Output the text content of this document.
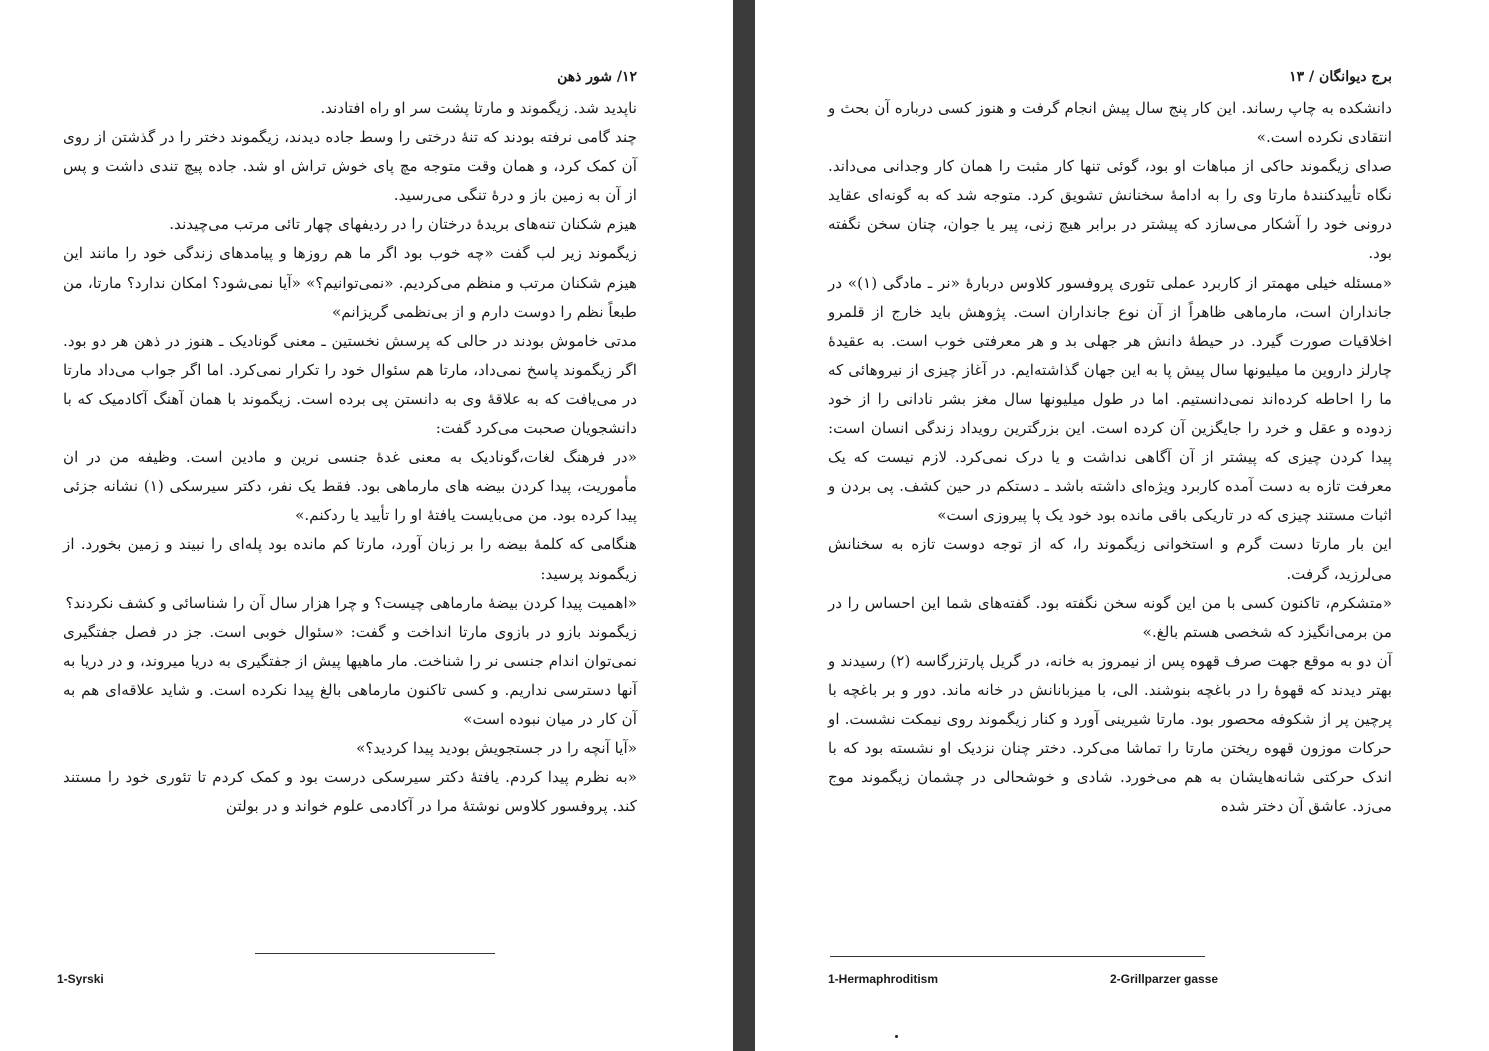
۱۲/ شور ذهن

ناپدید شد. زیگموند و مارتا پشت سر او راه افتادند.

چند گامی نرفته بودند که تنهٔ درختی را وسط جاده دیدند، زیگموند دختر را در گذشتن از روی آن کمک کرد، و همان وقت متوجه مچ پای خوش تراش او شد. جاده پیچ تندی داشت و پس از آن به زمین باز و درهٔ تنگی می‌رسید.

هیزم شکنان تنه‌های بریدهٔ درختان را در ردیفهای چهار تائی مرتب می‌چیدند.

زیگموند زیر لب گفت «چه خوب بود اگر ما هم روزها و پیامدهای زندگی خود را مانند این هیزم شکنان مرتب و منظم می‌کردیم. «نمی‌توانیم؟» «آیا نمی‌شود؟ امکان ندارد؟ مارتا، من طبعاً نظم را دوست دارم و از بی‌نظمی گریزانم»

مدتی خاموش بودند در حالی که پرسش نخستین ـ معنی گونادیک ـ هنوز در ذهن هر دو بود. اگر زیگموند پاسخ نمی‌داد، مارتا هم سئوال خود را تکرار نمی‌کرد. اما اگر جواب می‌داد مارتا در می‌یافت که به علاقهٔ وی به دانستن پی برده است. زیگموند با همان آهنگ آکادمیک که با دانشجویان صحبت می‌کرد گفت:

«در فرهنگ لغات،گونادیک به معنی غدهٔ جنسی نرین و مادین است. وظیفه من در ان مأموریت، پیدا کردن بیضه های مارماهی بود. فقط یک نفر، دکتر سیرسکی (۱) نشانه جزئی پیدا کرده بود. من می‌بایست یافتهٔ او را تأیید یا ردکنم.»

هنگامی که کلمهٔ بیضه را بر زبان آورد، مارتا کم مانده بود پله‌ای را نبیند و زمین بخورد. از زیگموند پرسید:

«اهمیت پیدا کردن بیضهٔ مارماهی چیست؟ و چرا هزار سال آن را شناسائی و کشف نکردند؟

زیگموند بازو در بازوی مارتا انداخت و گفت: «سئوال خوبی است. جز در فصل جفتگیری نمی‌توان اندام جنسی نر را شناخت. مار ماهیها پیش از جفتگیری به دریا میروند، و در دریا به آنها دسترسی نداریم. و کسی تاکنون مارماهی بالغ پیدا نکرده است. و شاید علاقه‌ای هم به آن کار در میان نبوده است»

«آیا آنچه را در جستجویش بودید پیدا کردید؟»

«به نظرم پیدا کردم. یافتهٔ دکتر سیرسکی درست بود و کمک کردم تا تئوری خود را مستند کند. پروفسور کلاوس نوشتهٔ مرا در آکادمی علوم خواند و در بولتن

1-Syrski
برج دیوانگان / ۱۳

دانشکده به چاپ رساند. این کار پنج سال پیش انجام گرفت و هنوز کسی درباره آن بحث و انتقادی نکرده است.»

صدای زیگموند حاکی از مباهات او بود، گوئی تنها کار مثبت را همان کار وجدانی می‌داند. نگاه تأییدکنندهٔ مارتا وی را به ادامهٔ سخنانش تشویق کرد. متوجه شد که به گونه‌ای عقاید درونی خود را آشکار می‌سازد که پیشتر در برابر هیچ زنی، پیر یا جوان، چنان سخن نگفته بود.

«مسئله خیلی مهمتر از کاربرد عملی تئوری پروفسور کلاوس دربارهٔ «نر ـ مادگی (۱)» در جانداران است، مارماهی ظاهراً از آن نوع جانداران است. پژوهش باید خارج از قلمرو اخلاقیات صورت گیرد. در حیطهٔ دانش هر جهلی بد و هر معرفتی خوب است. به عقیدهٔ چارلز داروین ما میلیونها سال پیش پا به این جهان گذاشته‌ایم. در آغاز چیزی از نیروهائی که ما را احاطه کرده‌اند نمی‌دانستیم. اما در طول میلیونها سال مغز بشر نادانی را از خود زدوده و عقل و خرد را جایگزین آن کرده است. این بزرگترین رویداد زندگی انسان است: پیدا کردن چیزی که پیشتر از آن آگاهی نداشت و یا درک نمی‌کرد. لازم نیست که یک معرفت تازه به دست آمده کاربرد ویژه‌ای داشته باشد ـ دستکم در حین کشف. پی بردن و اثبات مستند چیزی که در تاریکی باقی مانده بود خود یک پا پیروزی است»

این بار مارتا دست گرم و استخوانی زیگموند را، که از توجه دوست تازه به سخنانش می‌لرزید، گرفت.

«متشکرم، تاکنون کسی با من این گونه سخن نگفته بود. گفته‌های شما این احساس را در من برمی‌انگیزد که شخصی هستم بالغ.»

آن دو به موقع جهت صرف قهوه پس از نیمروز به خانه، در گریل پارتزرگاسه (۲) رسیدند و بهتر دیدند که قهوهٔ را در باغچه بنوشند. الی، با میزبانانش در خانه ماند. دور و بر باغچه با پرچین پر از شکوفه محصور بود. مارتا شیرینی آورد و کنار زیگموند روی نیمکت نشست. او حرکات موزون قهوه ریختن مارتا را تماشا می‌کرد. دختر چنان نزدیک او نشسته بود که با اندک حرکتی شانه‌هایشان به هم می‌خورد. شادی و خوشحالی در چشمان زیگموند موج می‌زد. عاشق آن دختر شده

1-Hermaphroditism	2-Grillparzer gasse
